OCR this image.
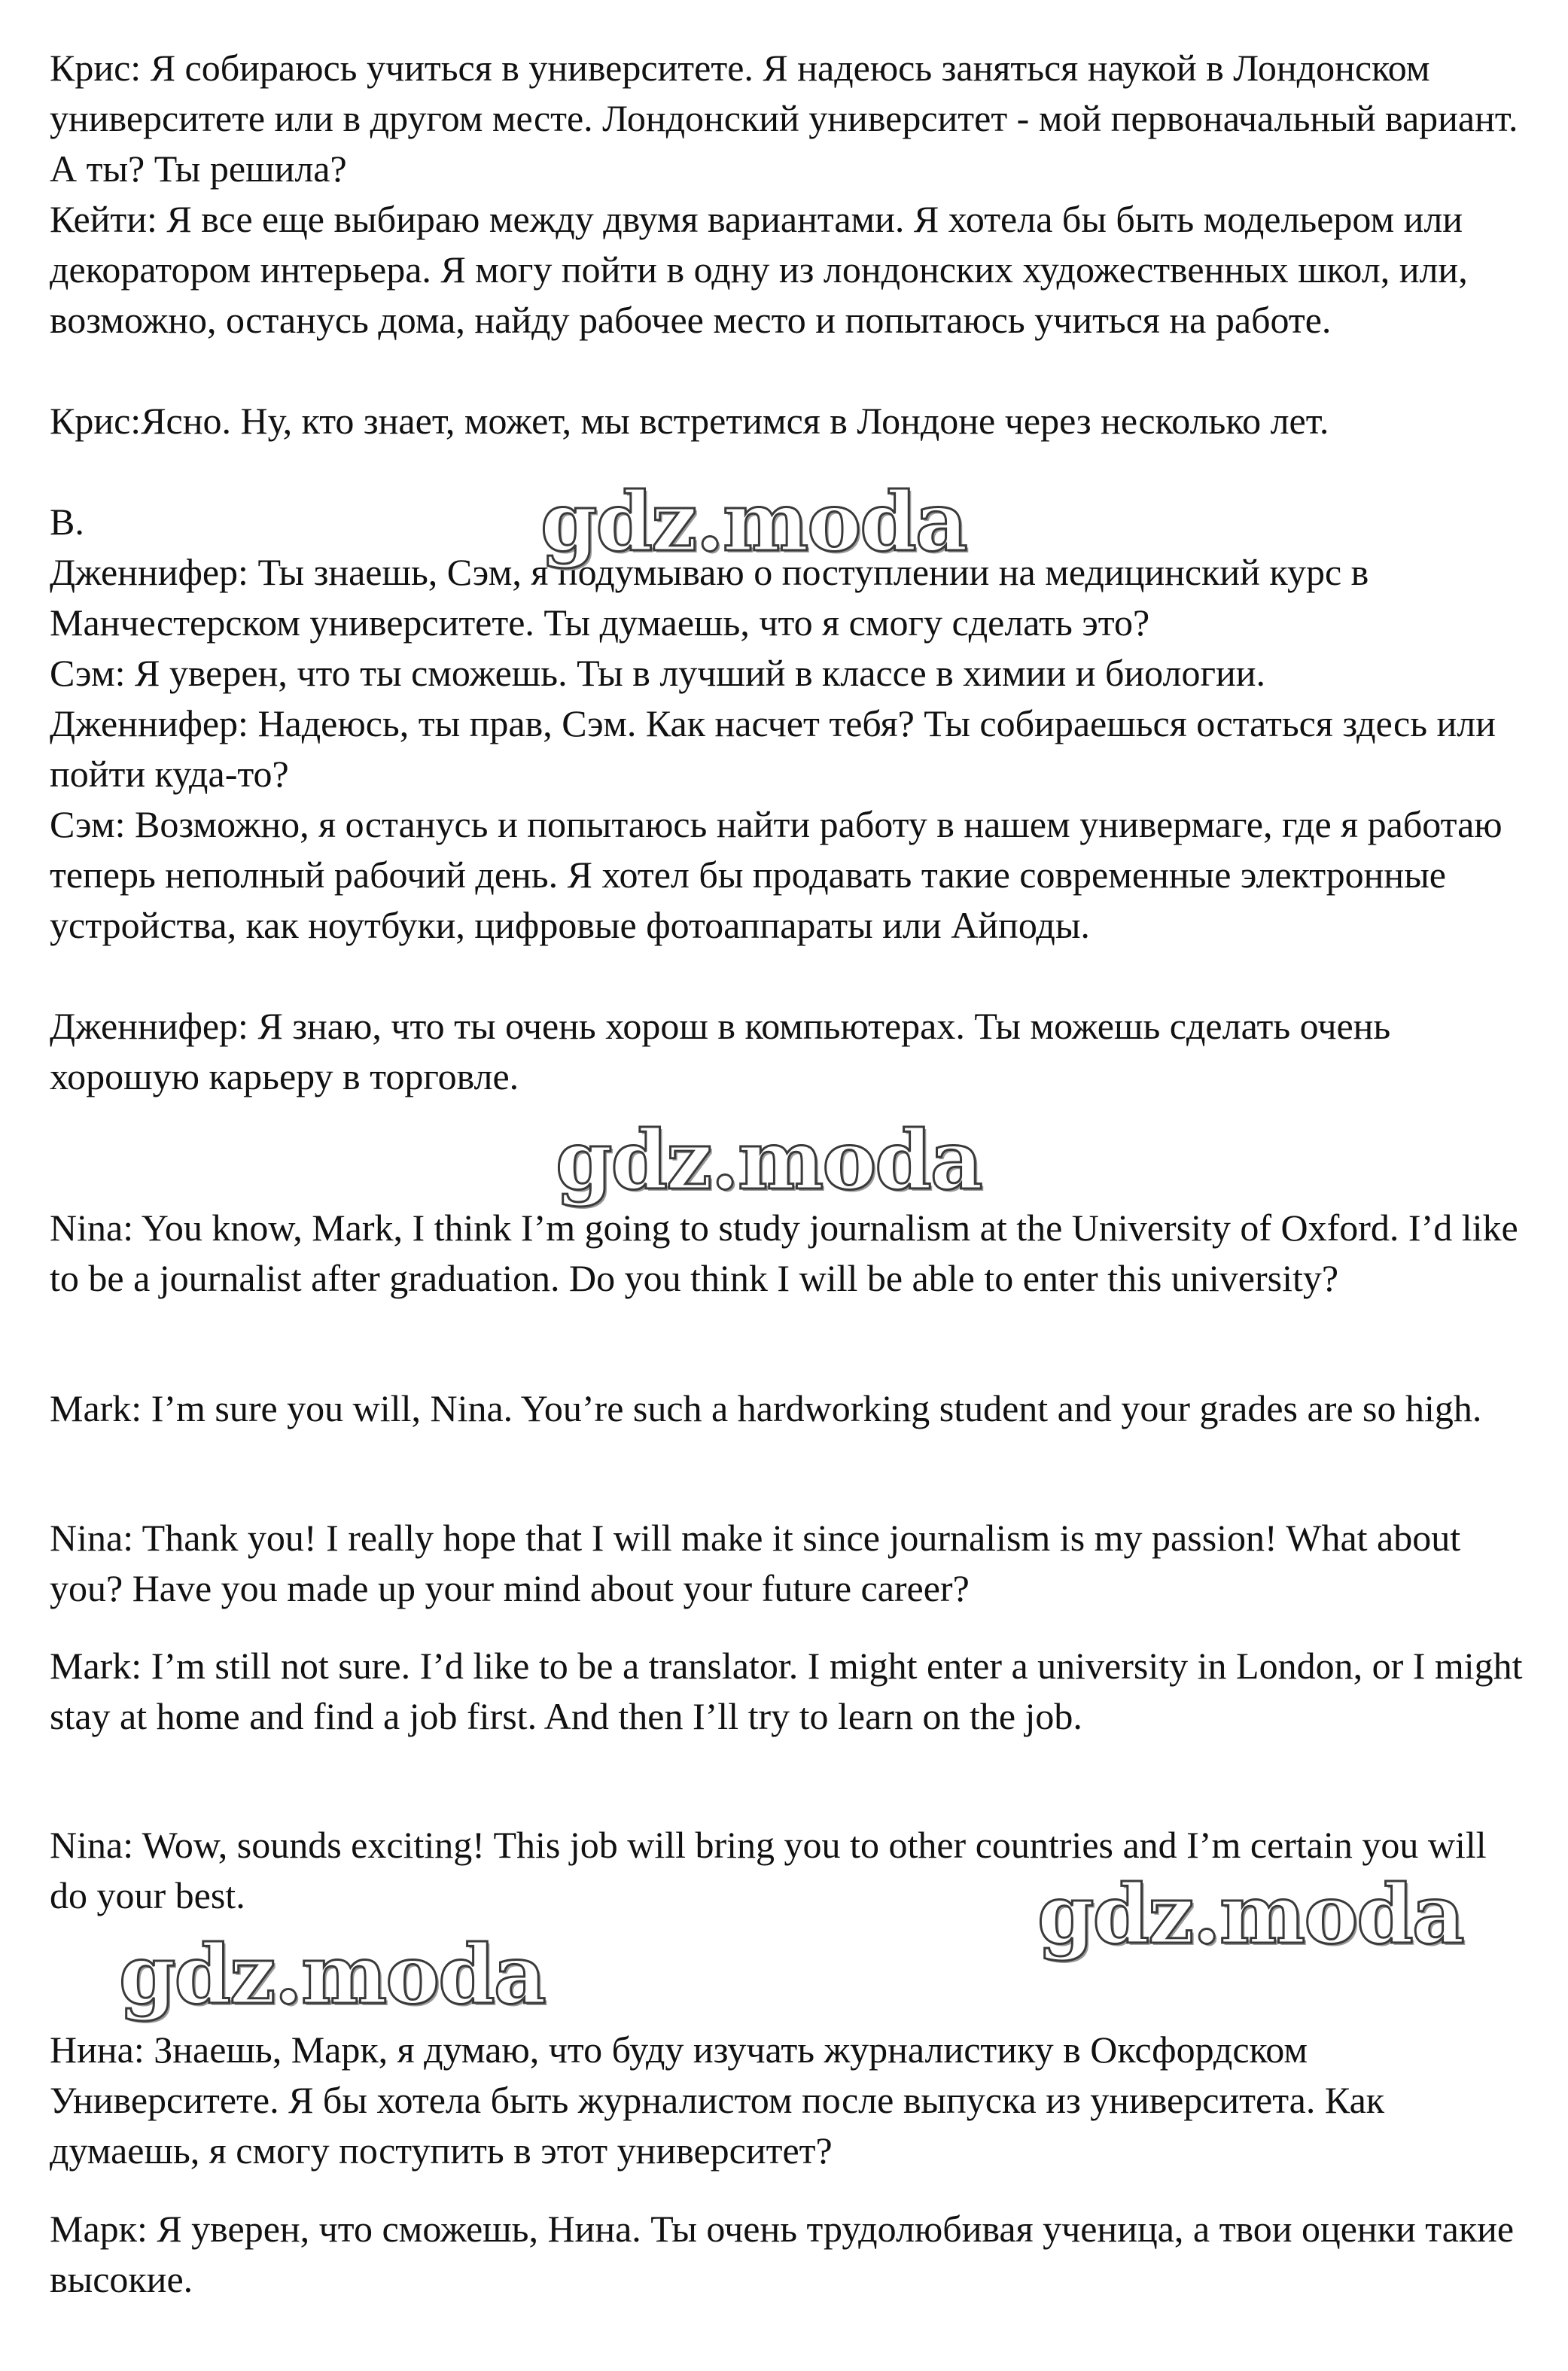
Крис: Я собираюсь учиться в университете. Я надеюсь заняться наукой в Лондонском университете или в другом месте. Лондонский университет - мой первоначальный вариант. А ты? Ты решила?

Кейти: Я все еще выбираю между двумя вариантами. Я хотела бы быть модельером или декоратором интерьера. Я могу пойти в одну из лондонских художественных школ, или, возможно, останусь дома, найду рабочее место и попытаюсь учиться на работе.

Крис:Ясно. Ну, кто знает, может, мы встретимся в Лондоне через несколько лет.

В.

Дженнифер: Ты знаешь, Сэм, я подумываю о поступлении на медицинский курс в Манчестерском университете. Ты думаешь, что я смогу сделать это?

Сэм: Я уверен, что ты сможешь. Ты в лучший в классе в химии и биологии.

Дженнифер: Надеюсь, ты прав, Сэм. Как насчет тебя? Ты собираешься остаться здесь или пойти куда-то?

Сэм: Возможно, я останусь и попытаюсь найти работу в нашем универмаге, где я работаю теперь неполный рабочий день. Я хотел бы продавать такие современные электронные устройства, как ноутбуки, цифровые фотоаппараты или Айподы.

Дженнифер: Я знаю, что ты очень хорош в компьютерах. Ты можешь сделать очень хорошую карьеру в торговле.

Nina: You know, Mark, I think I’m going to study journalism at the University of Oxford. I’d like to be a journalist after graduation. Do you think I will be able to enter this university?

Mark: I’m sure you will, Nina. You’re such a hardworking student and your grades are so high.

Nina: Thank you! I really hope that I will make it since journalism is my passion! What about you? Have you made up your mind about your future career?

Mark: I’m still not sure. I’d like to be a translator. I might enter a university in London, or I might stay at home and find a job first. And then I’ll try to learn on the job.

Nina: Wow, sounds exciting! This job will bring you to other countries and I’m certain you will do your best.

Нина: Знаешь, Марк, я думаю, что буду изучать журналистику в Оксфордском Университете. Я бы хотела быть журналистом после выпуска из университета. Как думаешь, я смогу поступить в этот университет?

Марк: Я уверен, что сможешь, Нина. Ты очень трудолюбивая ученица, а твои оценки такие высокие.

gdz.moda
gdz.moda
gdz.moda
gdz.moda
